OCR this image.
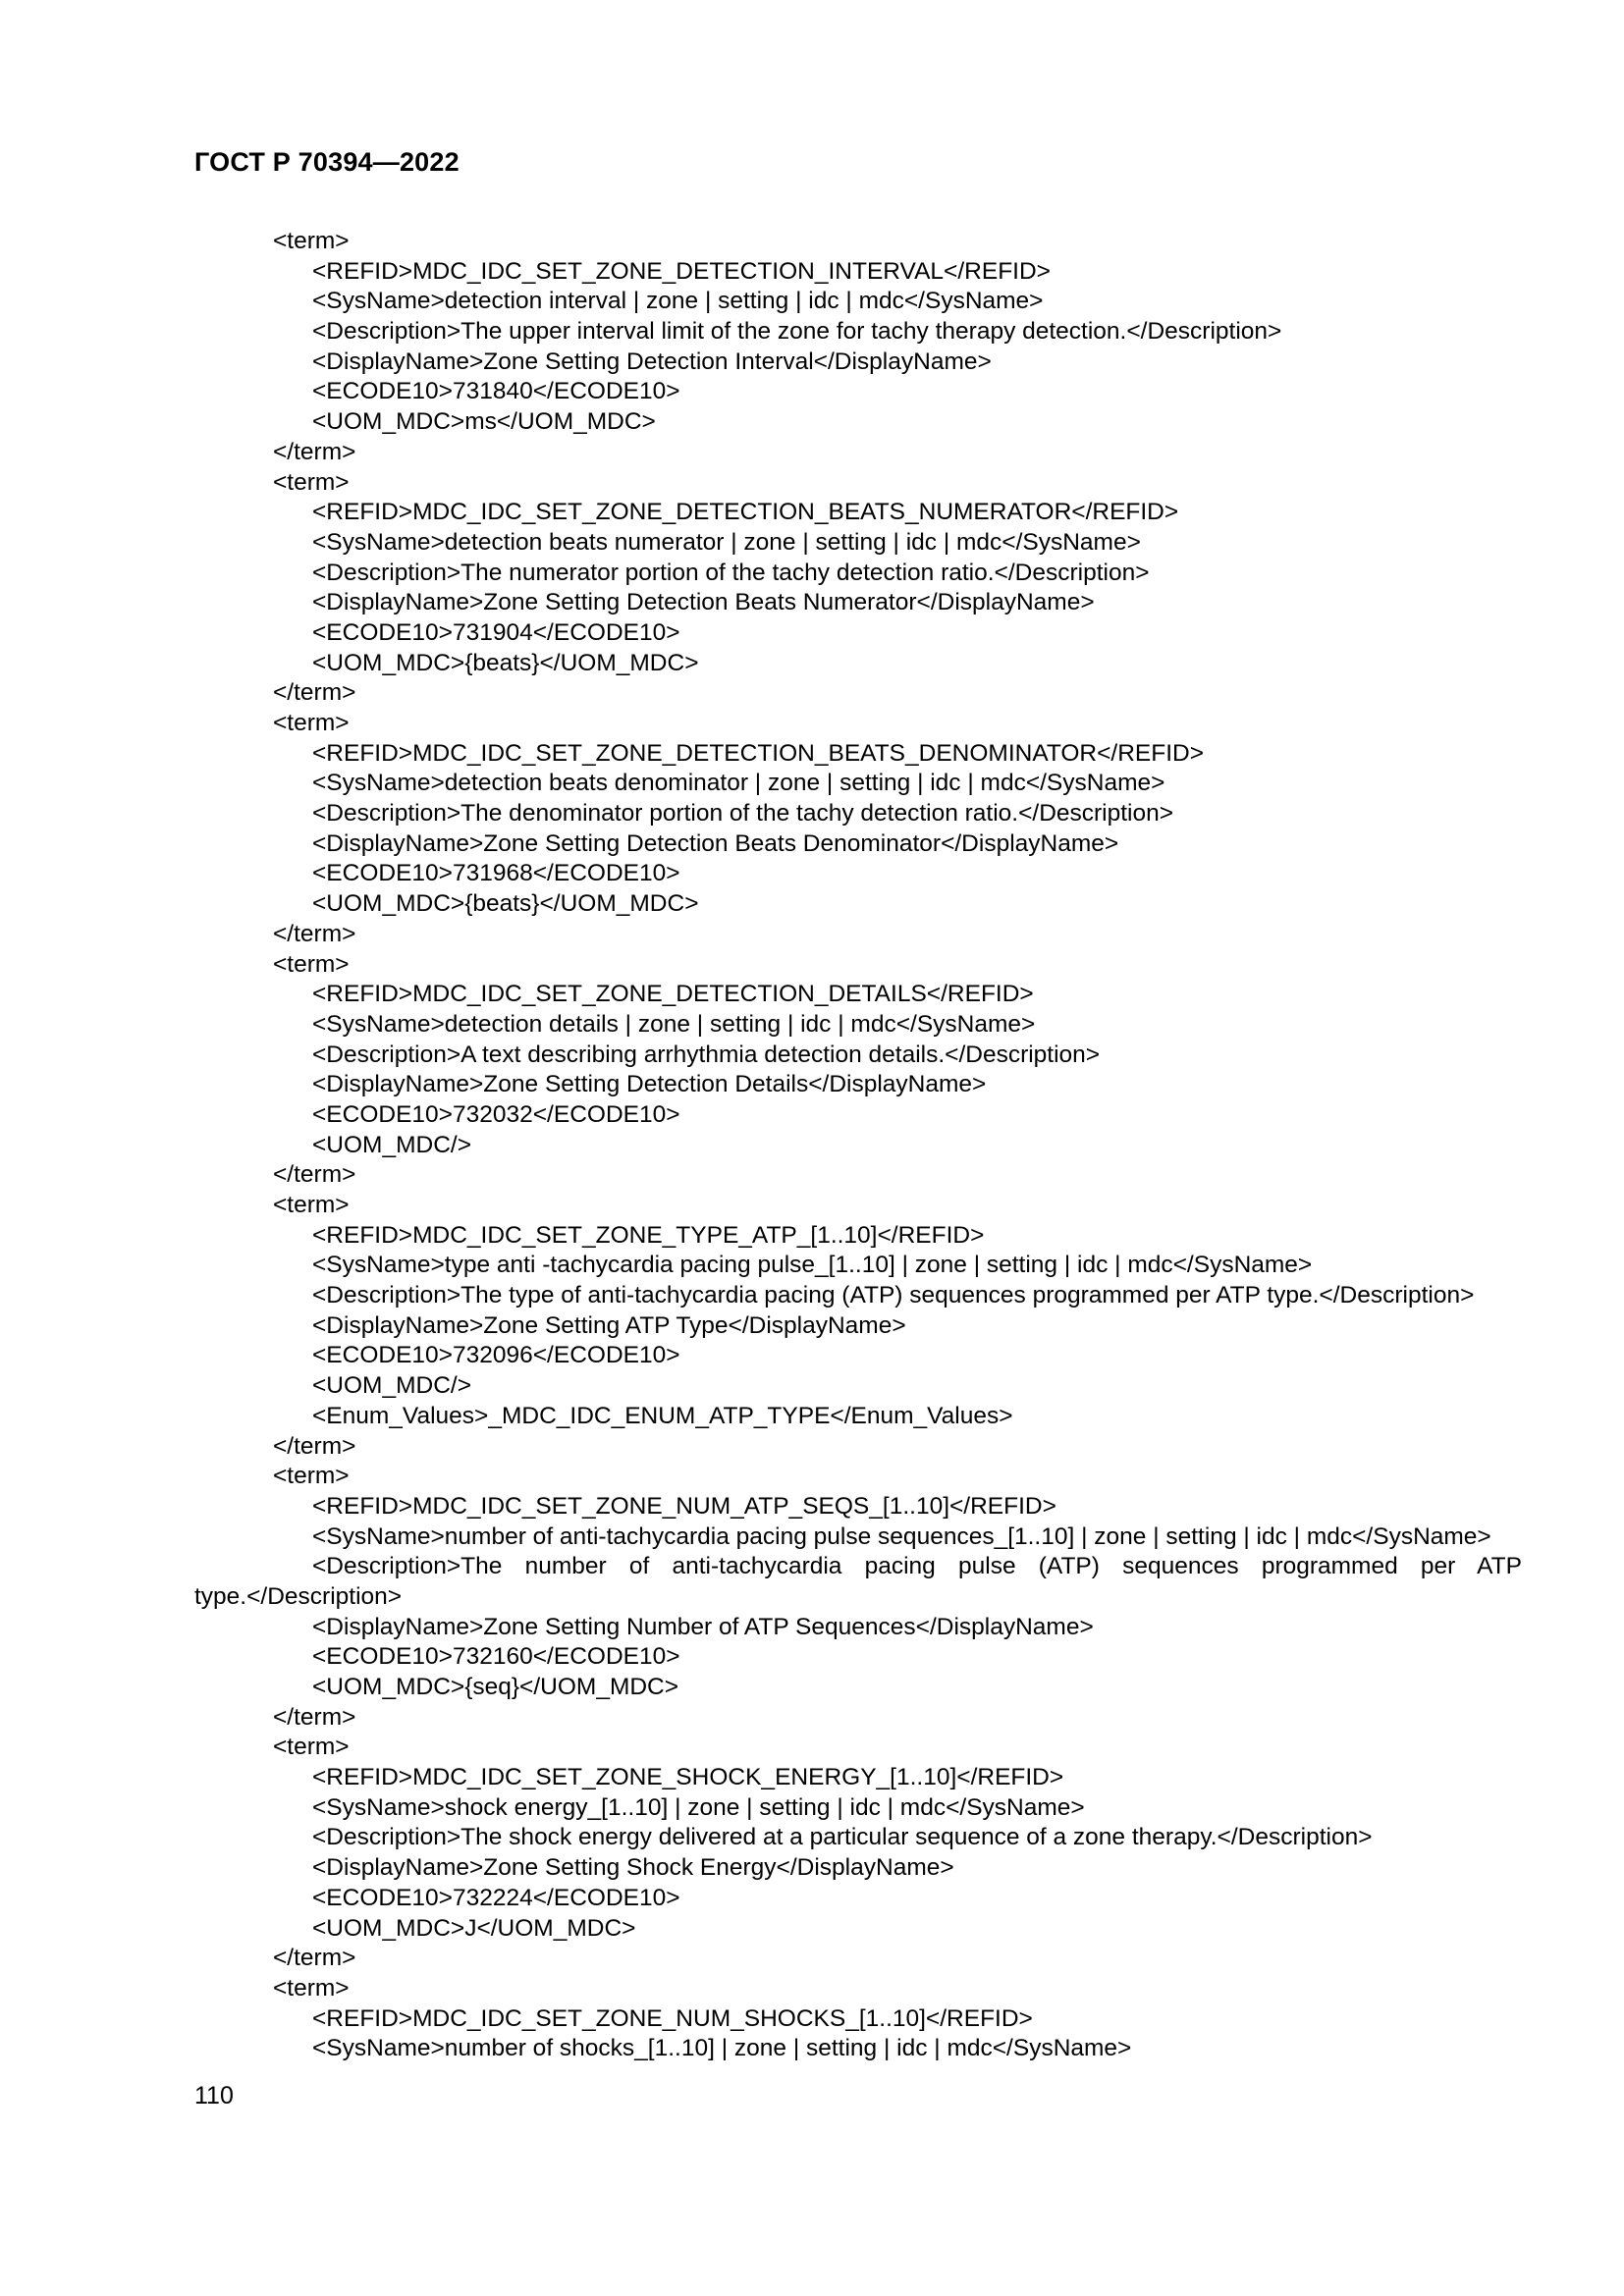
ГОСТ Р 70394—2022
<term>
<REFID>MDC_IDC_SET_ZONE_DETECTION_INTERVAL</REFID>
<SysName>detection interval | zone | setting | idc | mdc</SysName>
<Description>The upper interval limit of the zone for tachy therapy detection.</Description>
<DisplayName>Zone Setting Detection Interval</DisplayName>
<ECODE10>731840</ECODE10>
<UOM_MDC>ms</UOM_MDC>
</term>
<term>
<REFID>MDC_IDC_SET_ZONE_DETECTION_BEATS_NUMERATOR</REFID>
<SysName>detection beats numerator | zone | setting | idc | mdc</SysName>
<Description>The numerator portion of the tachy detection ratio.</Description>
<DisplayName>Zone Setting Detection Beats Numerator</DisplayName>
<ECODE10>731904</ECODE10>
<UOM_MDC>{beats}</UOM_MDC>
</term>
<term>
<REFID>MDC_IDC_SET_ZONE_DETECTION_BEATS_DENOMINATOR</REFID>
<SysName>detection beats denominator | zone | setting | idc | mdc</SysName>
<Description>The denominator portion of the tachy detection ratio.</Description>
<DisplayName>Zone Setting Detection Beats Denominator</DisplayName>
<ECODE10>731968</ECODE10>
<UOM_MDC>{beats}</UOM_MDC>
</term>
<term>
<REFID>MDC_IDC_SET_ZONE_DETECTION_DETAILS</REFID>
<SysName>detection details | zone | setting | idc | mdc</SysName>
<Description>A text describing arrhythmia detection details.</Description>
<DisplayName>Zone Setting Detection Details</DisplayName>
<ECODE10>732032</ECODE10>
<UOM_MDC/>
</term>
<term>
<REFID>MDC_IDC_SET_ZONE_TYPE_ATP_[1..10]</REFID>
<SysName>type anti -tachycardia pacing pulse_[1..10] | zone | setting | idc | mdc</SysName>
<Description>The type of anti-tachycardia pacing (ATP) sequences programmed per ATP type.</Description>
<DisplayName>Zone Setting ATP Type</DisplayName>
<ECODE10>732096</ECODE10>
<UOM_MDC/>
<Enum_Values>_MDC_IDC_ENUM_ATP_TYPE</Enum_Values>
</term>
<term>
<REFID>MDC_IDC_SET_ZONE_NUM_ATP_SEQS_[1..10]</REFID>
<SysName>number of anti-tachycardia pacing pulse sequences_[1..10] | zone | setting | idc | mdc</SysName>
<Description>The number of anti-tachycardia pacing pulse (ATP) sequences programmed per ATP
type.</Description>
<DisplayName>Zone Setting Number of ATP Sequences</DisplayName>
<ECODE10>732160</ECODE10>
<UOM_MDC>{seq}</UOM_MDC>
</term>
<term>
<REFID>MDC_IDC_SET_ZONE_SHOCK_ENERGY_[1..10]</REFID>
<SysName>shock energy_[1..10] | zone | setting | idc | mdc</SysName>
<Description>The shock energy delivered at a particular sequence of a zone therapy.</Description>
<DisplayName>Zone Setting Shock Energy</DisplayName>
<ECODE10>732224</ECODE10>
<UOM_MDC>J</UOM_MDC>
</term>
<term>
<REFID>MDC_IDC_SET_ZONE_NUM_SHOCKS_[1..10]</REFID>
<SysName>number of shocks_[1..10] | zone | setting | idc | mdc</SysName>
110
